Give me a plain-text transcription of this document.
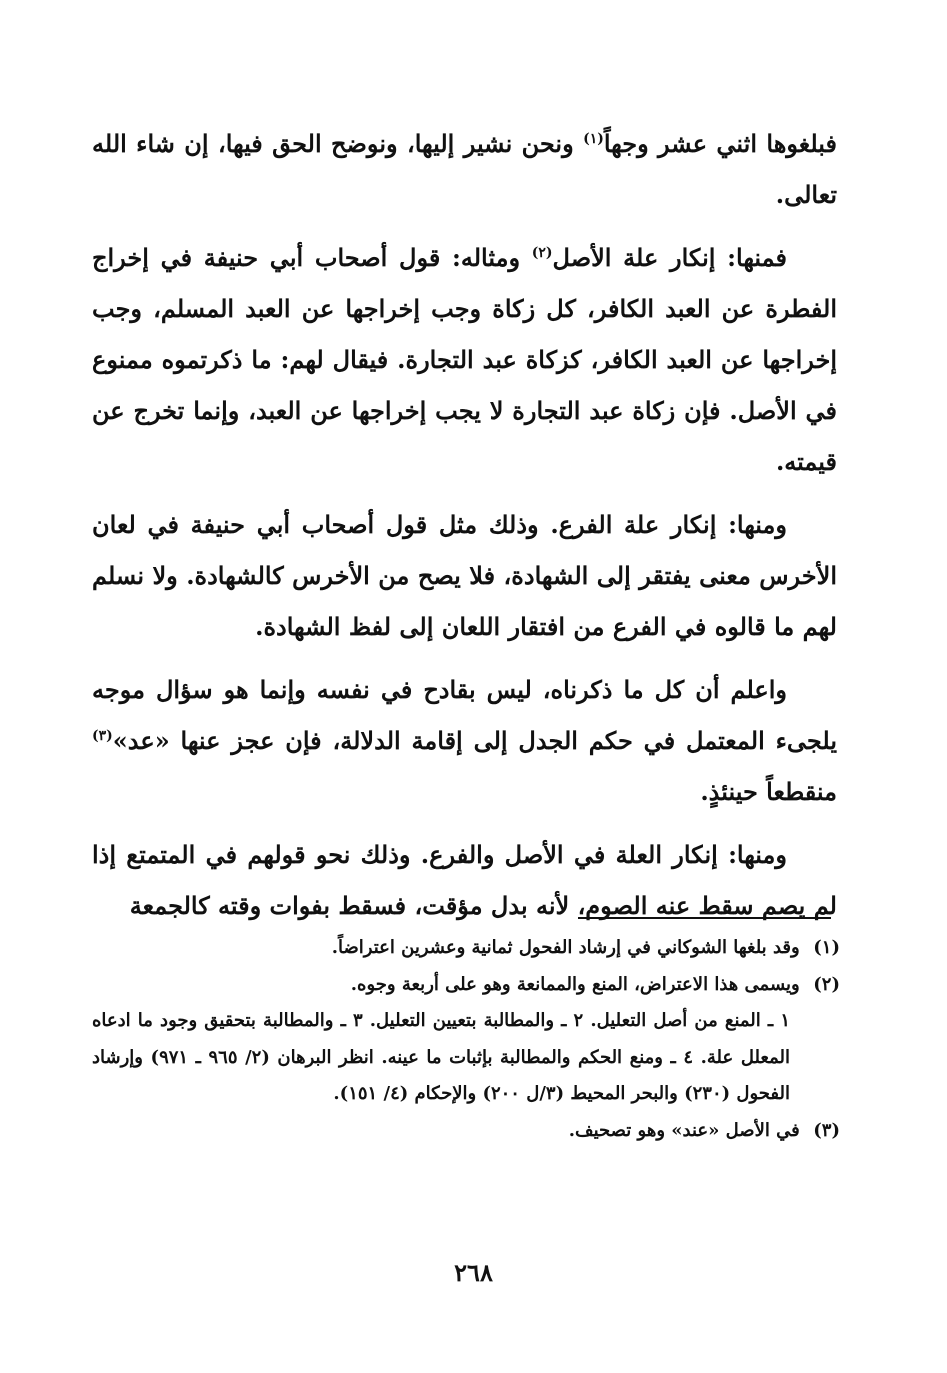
فبلغوها اثني عشر وجهاً$^{(١)}$ ونحن نشير إليها، ونوضح الحق فيها، إن شاء الله تعالى.

فمنها: إنكار علة الأصل$^{(٢)}$ ومثاله: قول أصحاب أبي حنيفة في إخراج الفطرة عن العبد الكافر، كل زكاة وجب إخراجها عن العبد المسلم، وجب إخراجها عن العبد الكافر، كزكاة عبد التجارة. فيقال لهم: ما ذكرتموه ممنوع في الأصل. فإن زكاة عبد التجارة لا يجب إخراجها عن العبد، وإنما تخرج عن قيمته.

ومنها: إنكار علة الفرع. وذلك مثل قول أصحاب أبي حنيفة في لعان الأخرس معنى يفتقر إلى الشهادة، فلا يصح من الأخرس كالشهادة. ولا نسلم لهم ما قالوه في الفرع من افتقار اللعان إلى لفظ الشهادة.

واعلم أن كل ما ذكرناه، ليس بقادح في نفسه وإنما هو سؤال موجه يلجىء المعتمل في حكم الجدل إلى إقامة الدلالة، فإن عجز عنها «عد»$^{(٣)}$ منقطعاً حينئذٍ.

ومنها: إنكار العلة في الأصل والفرع. وذلك نحو قولهم في المتمتع إذا لم يصم سقط عنه الصوم، لأنه بدل مؤقت، فسقط بفوات وقته كالجمعة

(١) وقد بلغها الشوكاني في إرشاد الفحول ثمانية وعشرين اعتراضاً.

(٢) ويسمى هذا الاعتراض، المنع والممانعة وهو على أربعة وجوه.

١ ـ المنع من أصل التعليل. ٢ ـ والمطالبة بتعيين التعليل. ٣ ـ والمطالبة بتحقيق وجود ما ادعاه المعلل علة. ٤ ـ ومنع الحكم والمطالبة بإثبات ما عينه. انظر البرهان (٢/ ٩٦٥ ـ ٩٧١) وإرشاد الفحول (٢٣٠) والبحر المحيط (٣/ل ٢٠٠) والإحكام (٤/ ١٥١).

(٣) في الأصل «عند» وهو تصحيف.

٢٦٨
